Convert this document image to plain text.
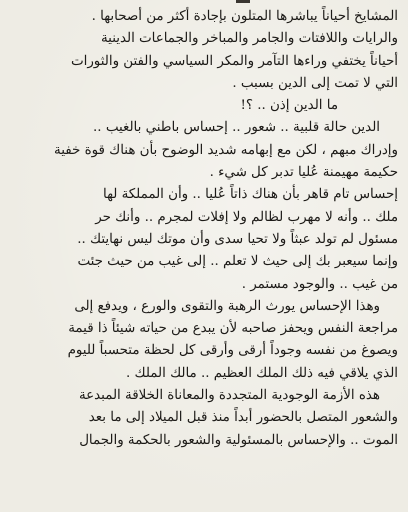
المشايخ أحياناً يباشرها المتلون بإجادة أكثر من أصحابها .
والرايات واللافتات والجامر والمباخر والجماعات الدينية
أحياناً يختفي وراءها التآمر والمكر السياسي والفتن والثورات
التي لا تمت إلى الدين بسبب .
ما الدين إذن .. ؟!
الدين حالة قلبية .. شعور .. إحساس باطني بالغيب ..
وإدراك مبهم ، لكن مع إبهامه شديد الوضوح بأن هناك قوة خفية
حكيمة مهيمنة عُليا تدبر كل شيء .
إحساس تام قاهر بأن هناك ذاتاً عُليا .. وأن المملكة لها
ملك .. وأنه لا مهرب لظالم ولا إفلات لمجرم .. وأنك حر
مسئول لم تولد عبثاً ولا تحيا سدى وأن موتك ليس نهايتك ..
وإنما سيعبر بك إلى حيث لا تعلم .. إلى غيب من حيث جئت
من غيب .. والوجود مستمر .
وهذا الإحساس يورث الرهبة والتقوى والورع ، ويدفع إلى
مراجعة النفس ويحفز صاحبه لأن يبدع من حياته شيئاً ذا قيمة
ويصوغ من نفسه وجوداً أرقى وأرقى كل لحظة متحسباً لليوم
الذي يلاقي فيه ذلك الملك العظيم .. مالك الملك .
هذه الأزمة الوجودية المتجددة والمعاناة الخلاقة المبدعة
والشعور المتصل بالحضور أبداً منذ قبل الميلاد إلى ما بعد
الموت .. والإحساس بالمسئولية والشعور بالحكمة والجمال
